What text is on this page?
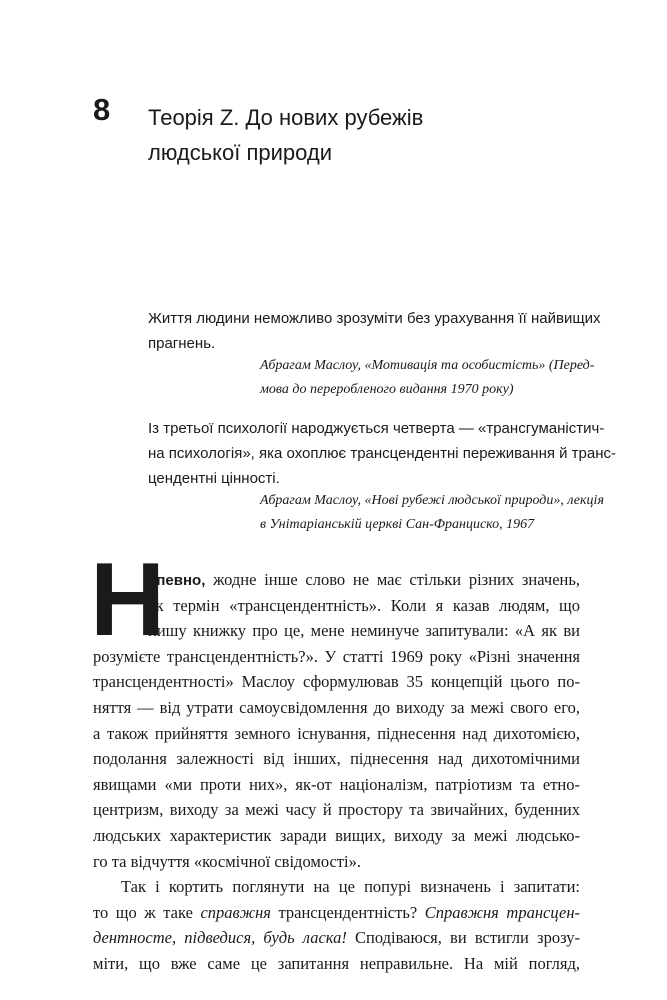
8 Теорія Z. До нових рубежів
людської природи
Життя людини неможливо зрозуміти без урахування її найвищих
прагнень.
Абрагам Маслоу, «Мотивація та особистість» (Перед-
мова до переробленого видання 1970 року)
Із третьої психології народжується четверта — «трансгуманістич-
на психологія», яка охоплює трансцендентні переживання й транс-
цендентні цінності.
Абрагам Маслоу, «Нові рубежі людської природи», лекція
в Унітаріанській церкві Сан-Франциско, 1967
Н
апевно, жодне інше слово не має стільки різних значень,
як термін «трансцендентність». Коли я казав людям, що
пишу книжку про це, мене неминуче запитували: «А як ви
розумієте трансцендентність?». У статті 1969 року «Різні значення
трансцендентності» Маслоу сформулював 35 концепцій цього по-
няття — від утрати самоусвідомлення до виходу за межі свого его,
а також прийняття земного існування, піднесення над дихотомією,
подолання залежності від інших, піднесення над дихотомічними
явищами «ми проти них», як-от націоналізм, патріотизм та етно-
центризм, виходу за межі часу й простору та звичайних, буденних
людських характеристик заради вищих, виходу за межі людсько-
го та відчуття «космічної свідомості».
Так і кортить поглянути на це попурі визначень і запитати:
то що ж таке справжня трансцендентність? Справжня трансцен-
дентносте, підведися, будь ласка! Сподіваюся, ви встигли зрозу-
міти, що вже саме це запитання неправильне. На мій погляд,
